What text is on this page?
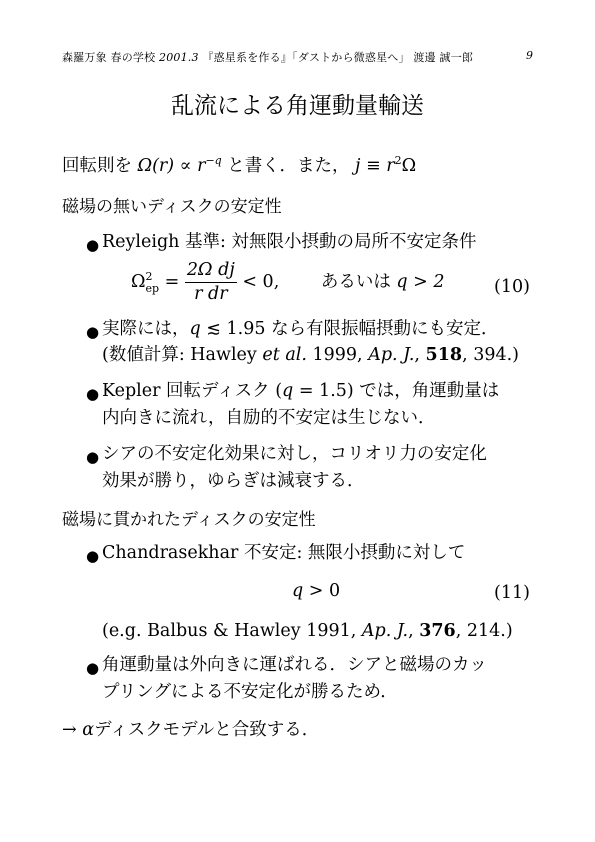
森羅万象 春の学校 2001.3 『惑星系を作る』「ダストから微惑星へ」 渡邊 誠一郎	9
乱流による角運動量輸送
回転則を $\Omega(r) \propto r^{-q}$ と書く．また， $j \equiv r^2\Omega$
磁場の無いディスクの安定性
● Reyleigh 基準: 対無限小摂動の局所不安定条件
Ω 2
ep = $\frac{\text{2Ω dj}}{\text{r dr}} < 0$, あるいは q > 2	(10)
● 実際には，q ≲ 1.95 なら有限振幅摂動にも安定．
(数値計算: Hawley et al. 1999, Ap. J., 518, 394.)
● Kepler 回転ディスク (q = 1.5) では，角運動量は
内向きに流れ，自励的不安定は生じない．
● シアの不安定化効果に対し，コリオリ力の安定化
効果が勝り，ゆらぎは減衰する．
磁場に貫かれたディスクの安定性
● Chandrasekhar 不安定: 無限小摂動に対して
q > 0	(11)
(e.g. Balbus & Hawley 1991, Ap. J., 376, 214.)
● 角運動量は外向きに運ばれる．シアと磁場のカッ
プリングによる不安定化が勝るため．
→ αディスクモデルと合致する．
